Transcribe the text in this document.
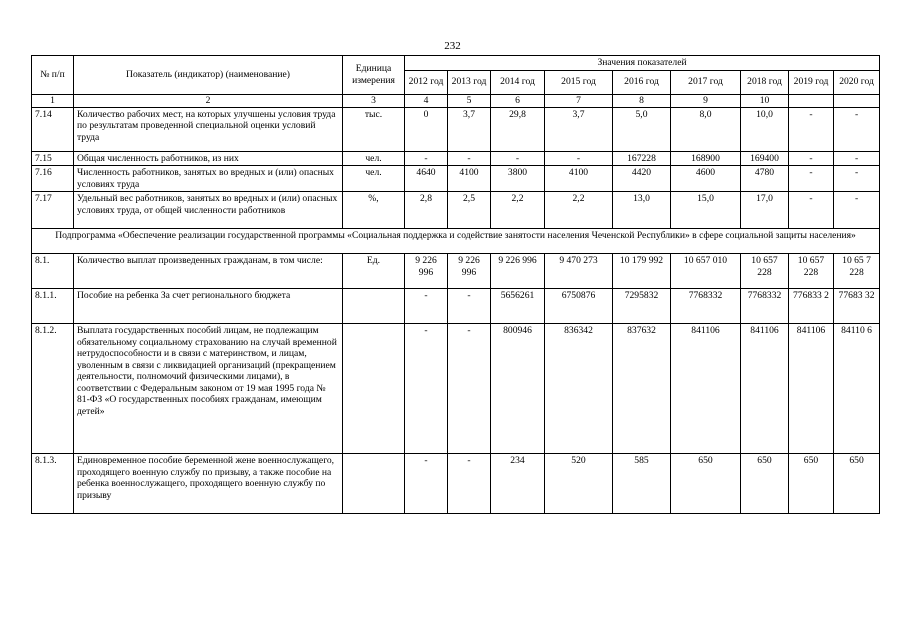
232
№ п/п	Показатель (индикатор) (наименование)	Единица измерения	Значения показателей								
			2012 год	2013 год	2014 год	2015 год	2016 год	2017 год	2018 год	2019 год	2020 год
1	2	3	4	5	6	7	8	9	10		
7.14	Количество рабочих мест, на которых улучшены условия труда по результатам проведенной специальной оценки условий труда	тыс.	0	3,7	29,8	3,7	5,0	8,0	10,0	-	-
7.15	Общая численность работников, из них	чел.	-	-	-	-	167228	168900	169400	-	-
7.16	Численность работников, занятых во вредных и (или) опасных условиях труда	чел.	4640	4100	3800	4100	4420	4600	4780	-	-
7.17	Удельный вес работников, занятых во вредных и (или) опасных условиях труда, от общей численности работников	%,	2,8	2,5	2,2	2,2	13,0	15,0	17,0	-	-
Подпрограмма «Обеспечение реализации государственной программы «Социальная поддержка и содействие занятости населения Чеченской Республики» в сфере социальной защиты населения»											
8.1.	Количество выплат произведенных гражданам, в том числе:	Ед.	9 226 996	9 226 996	9 226 996	9 470 273	10 179 992	10 657 010	10 657 228	10 657 228	10 65 7 228
8.1.1.	Пособие на ребенка За счет регионального бюджета		-	-	5656261	6750876	7295832	7768332	7768332	776833 2	77683 32
8.1.2.	Выплата государственных пособий лицам, не подлежащим обязательному социальному страхованию на случай временной нетрудоспособности и в связи с материнством, и лицам, уволенным в связи с ликвидацией организаций (прекращением деятельности, полномочий физическими лицами), в соответствии с Федеральным законом от 19 мая 1995 года № 81-ФЗ «О государственных пособиях гражданам, имеющим детей»		-	-	800946	836342	837632	841106	841106	841106	84110 6
8.1.3.	Единовременное пособие беременной жене военнослужащего, проходящего военную службу по призыву, а также пособие на ребенка военнослужащего, проходящего военную службу по призыву		-	-	234	520	585	650	650	650	650
